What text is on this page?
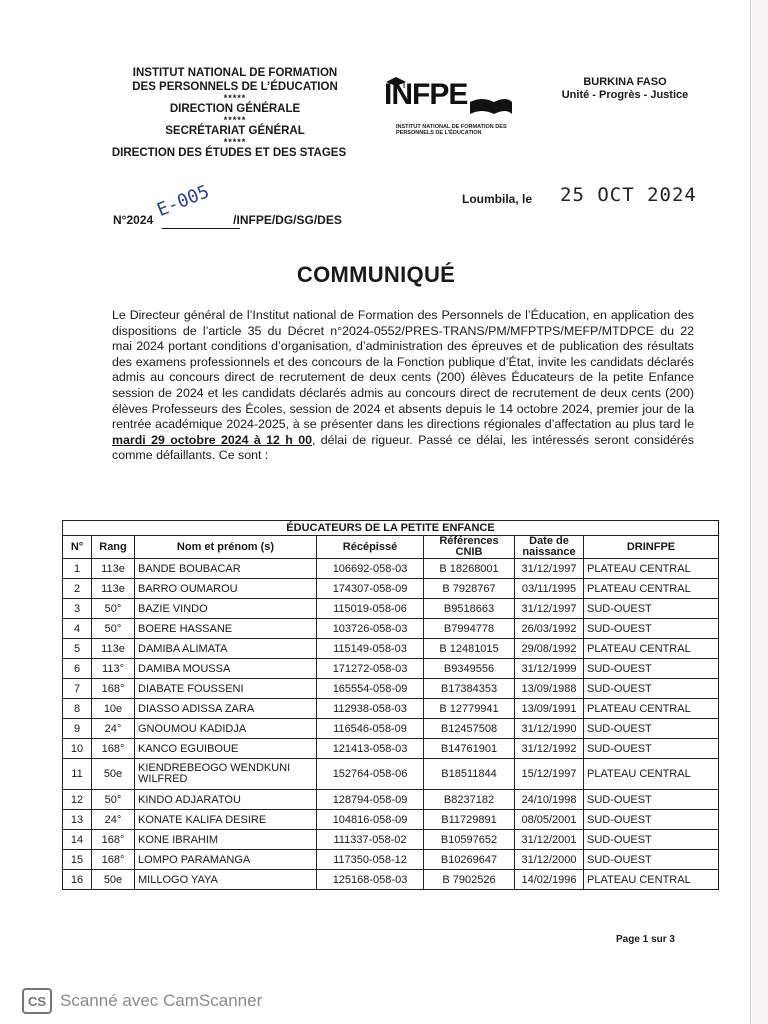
INSTITUT NATIONAL DE FORMATION
DES PERSONNELS DE L’ÉDUCATION
*****
DIRECTION GÉNÉRALE
*****
SECRÉTARIAT GÉNÉRAL
*****
DIRECTION DES ÉTUDES ET DES STAGES
INFPE
INSTITUT NATIONAL DE FORMATION DES PERSONNELS DE L’ÉDUCATION
BURKINA FASO
Unité - Progrès - Justice
Loumbila, le 25 OCT 2024
N°2024	/INFPE/DG/SG/DES
E-005
COMMUNIQUÉ
Le Directeur général de l’Institut national de Formation des Personnels de l’Éducation, en application des dispositions de l’article 35 du Décret n°2024-0552/PRES-TRANS/PM/MFPTPS/MEFP/MTDPCE du 22 mai 2024 portant conditions d’organisation, d’administration des épreuves et de publication des résultats des examens professionnels et des concours de la Fonction publique d’État, invite les candidats déclarés admis au concours direct de recrutement de deux cents (200) élèves Éducateurs de la petite Enfance session de 2024 et les candidats déclarés admis au concours direct de recrutement de deux cents (200) élèves Professeurs des Écoles, session de 2024 et absents depuis le 14 octobre 2024, premier jour de la rentrée académique 2024-2025, à se présenter dans les directions régionales d’affectation au plus tard le mardi 29 octobre 2024 à 12 h 00, délai de rigueur. Passé ce délai, les intéressés seront considérés comme défaillants. Ce sont :
ÉDUCATEURS DE LA PETITE ENFANCE						
N°	Rang	Nom et prénom (s)	Récépissé	Références CNIB	Date de naissance	DRINFPE
1	113e	BANDE BOUBACAR	106692-058-03	B 18268001	31/12/1997	PLATEAU CENTRAL
2	113e	BARRO OUMAROU	174307-058-09	B 7928767	03/11/1995	PLATEAU CENTRAL
3	50°	BAZIE VINDO	115019-058-06	B9518663	31/12/1997	SUD-OUEST
4	50°	BOERE HASSANE	103726-058-03	B7994778	26/03/1992	SUD-OUEST
5	113e	DAMIBA ALIMATA	115149-058-03	B 12481015	29/08/1992	PLATEAU CENTRAL
6	113°	DAMIBA MOUSSA	171272-058-03	B9349556	31/12/1999	SUD-OUEST
7	168°	DIABATE FOUSSENI	165554-058-09	B17384353	13/09/1988	SUD-OUEST
8	10e	DIASSO ADISSA ZARA	112938-058-03	B 12779941	13/09/1991	PLATEAU CENTRAL
9	24°	GNOUMOU KADIDJA	116546-058-09	B12457508	31/12/1990	SUD-OUEST
10	168°	KANCO EGUIBOUE	121413-058-03	B14761901	31/12/1992	SUD-OUEST
11	50e	KIENDREBEOGO WENDKUNI WILFRED	152764-058-06	B18511844	15/12/1997	PLATEAU CENTRAL
12	50°	KINDO ADJARATOU	128794-058-09	B8237182	24/10/1998	SUD-OUEST
13	24°	KONATE KALIFA DESIRE	104816-058-09	B11729891	08/05/2001	SUD-OUEST
14	168°	KONE IBRAHIM	111337-058-02	B10597652	31/12/2001	SUD-OUEST
15	168°	LOMPO PARAMANGA	117350-058-12	B10269647	31/12/2000	SUD-OUEST
16	50e	MILLOGO YAYA	125168-058-03	B 7902526	14/02/1996	PLATEAU CENTRAL
Page 1 sur 3
CS Scanné avec CamScanner
